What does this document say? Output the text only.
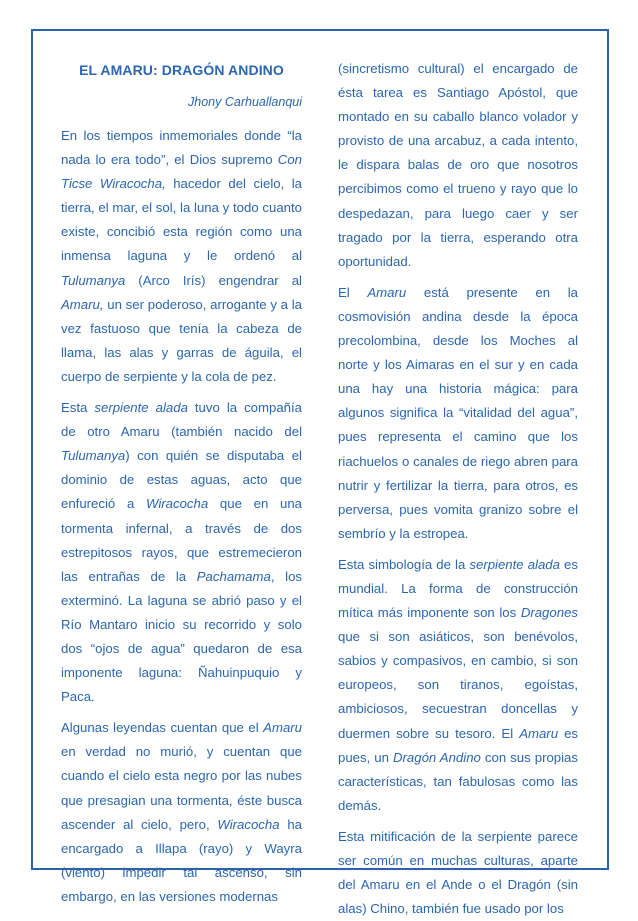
EL AMARU: DRAGÓN ANDINO
Jhony Carhuallanqui

En los tiempos inmemoriales donde “la nada lo era todo”, el Dios supremo Con Ticse Wiracocha, hacedor del cielo, la tierra, el mar, el sol, la luna y todo cuanto existe, concibió esta región como una inmensa laguna y le ordenó al Tulumanya (Arco Irís) engendrar al Amaru, un ser poderoso, arrogante y a la vez fastuoso que tenía la cabeza de llama, las alas y garras de águila, el cuerpo de serpiente y la cola de pez.

Esta serpiente alada tuvo la compañía de otro Amaru (también nacido del Tulumanya) con quién se disputaba el dominio de estas aguas, acto que enfureció a Wiracocha que en una tormenta infernal, a través de dos estrepitosos rayos, que estremecieron las entrañas de la Pachamama, los exterminó. La laguna se abrió paso y el Río Mantaro inicio su recorrido y solo dos “ojos de agua” quedaron de esa imponente laguna: Ñahuinpuquio y Paca.

Algunas leyendas cuentan que el Amaru en verdad no murió, y cuentan que cuando el cielo esta negro por las nubes que presagian una tormenta, éste busca ascender al cielo, pero, Wiracocha ha encargado a Illapa (rayo) y Wayra (viento) impedir tal ascenso, sin embargo, en las versiones modernas

(sincretismo cultural) el encargado de ésta tarea es Santiago Apóstol, que montado en su caballo blanco volador y provisto de una arcabuz, a cada intento, le dispara balas de oro que nosotros percibimos como el trueno y rayo que lo despedazan, para luego caer y ser tragado por la tierra, esperando otra oportunidad.

El Amaru está presente en la cosmovisión andina desde la época precolombina, desde los Moches al norte y los Aimaras en el sur y en cada una hay una historia mágica: para algunos significa la “vitalidad del agua”, pues representa el camino que los riachuelos o canales de riego abren para nutrir y fertilizar la tierra, para otros, es perversa, pues vomita granizo sobre el sembrío y la estropea.

Esta simbología de la serpiente alada es mundial. La forma de construcción mítica más imponente son los Dragones que si son asiáticos, son benévolos, sabios y compasivos, en cambio, si son europeos, son tiranos, egoístas, ambiciosos, secuestran doncellas y duermen sobre su tesoro. El Amaru es pues, un Dragón Andino con sus propias características, tan fabulosas como las demás.

Esta mitificación de la serpiente parece ser común en muchas culturas, aparte del Amaru en el Ande o el Dragón (sin alas) Chino, también fue usado por los
